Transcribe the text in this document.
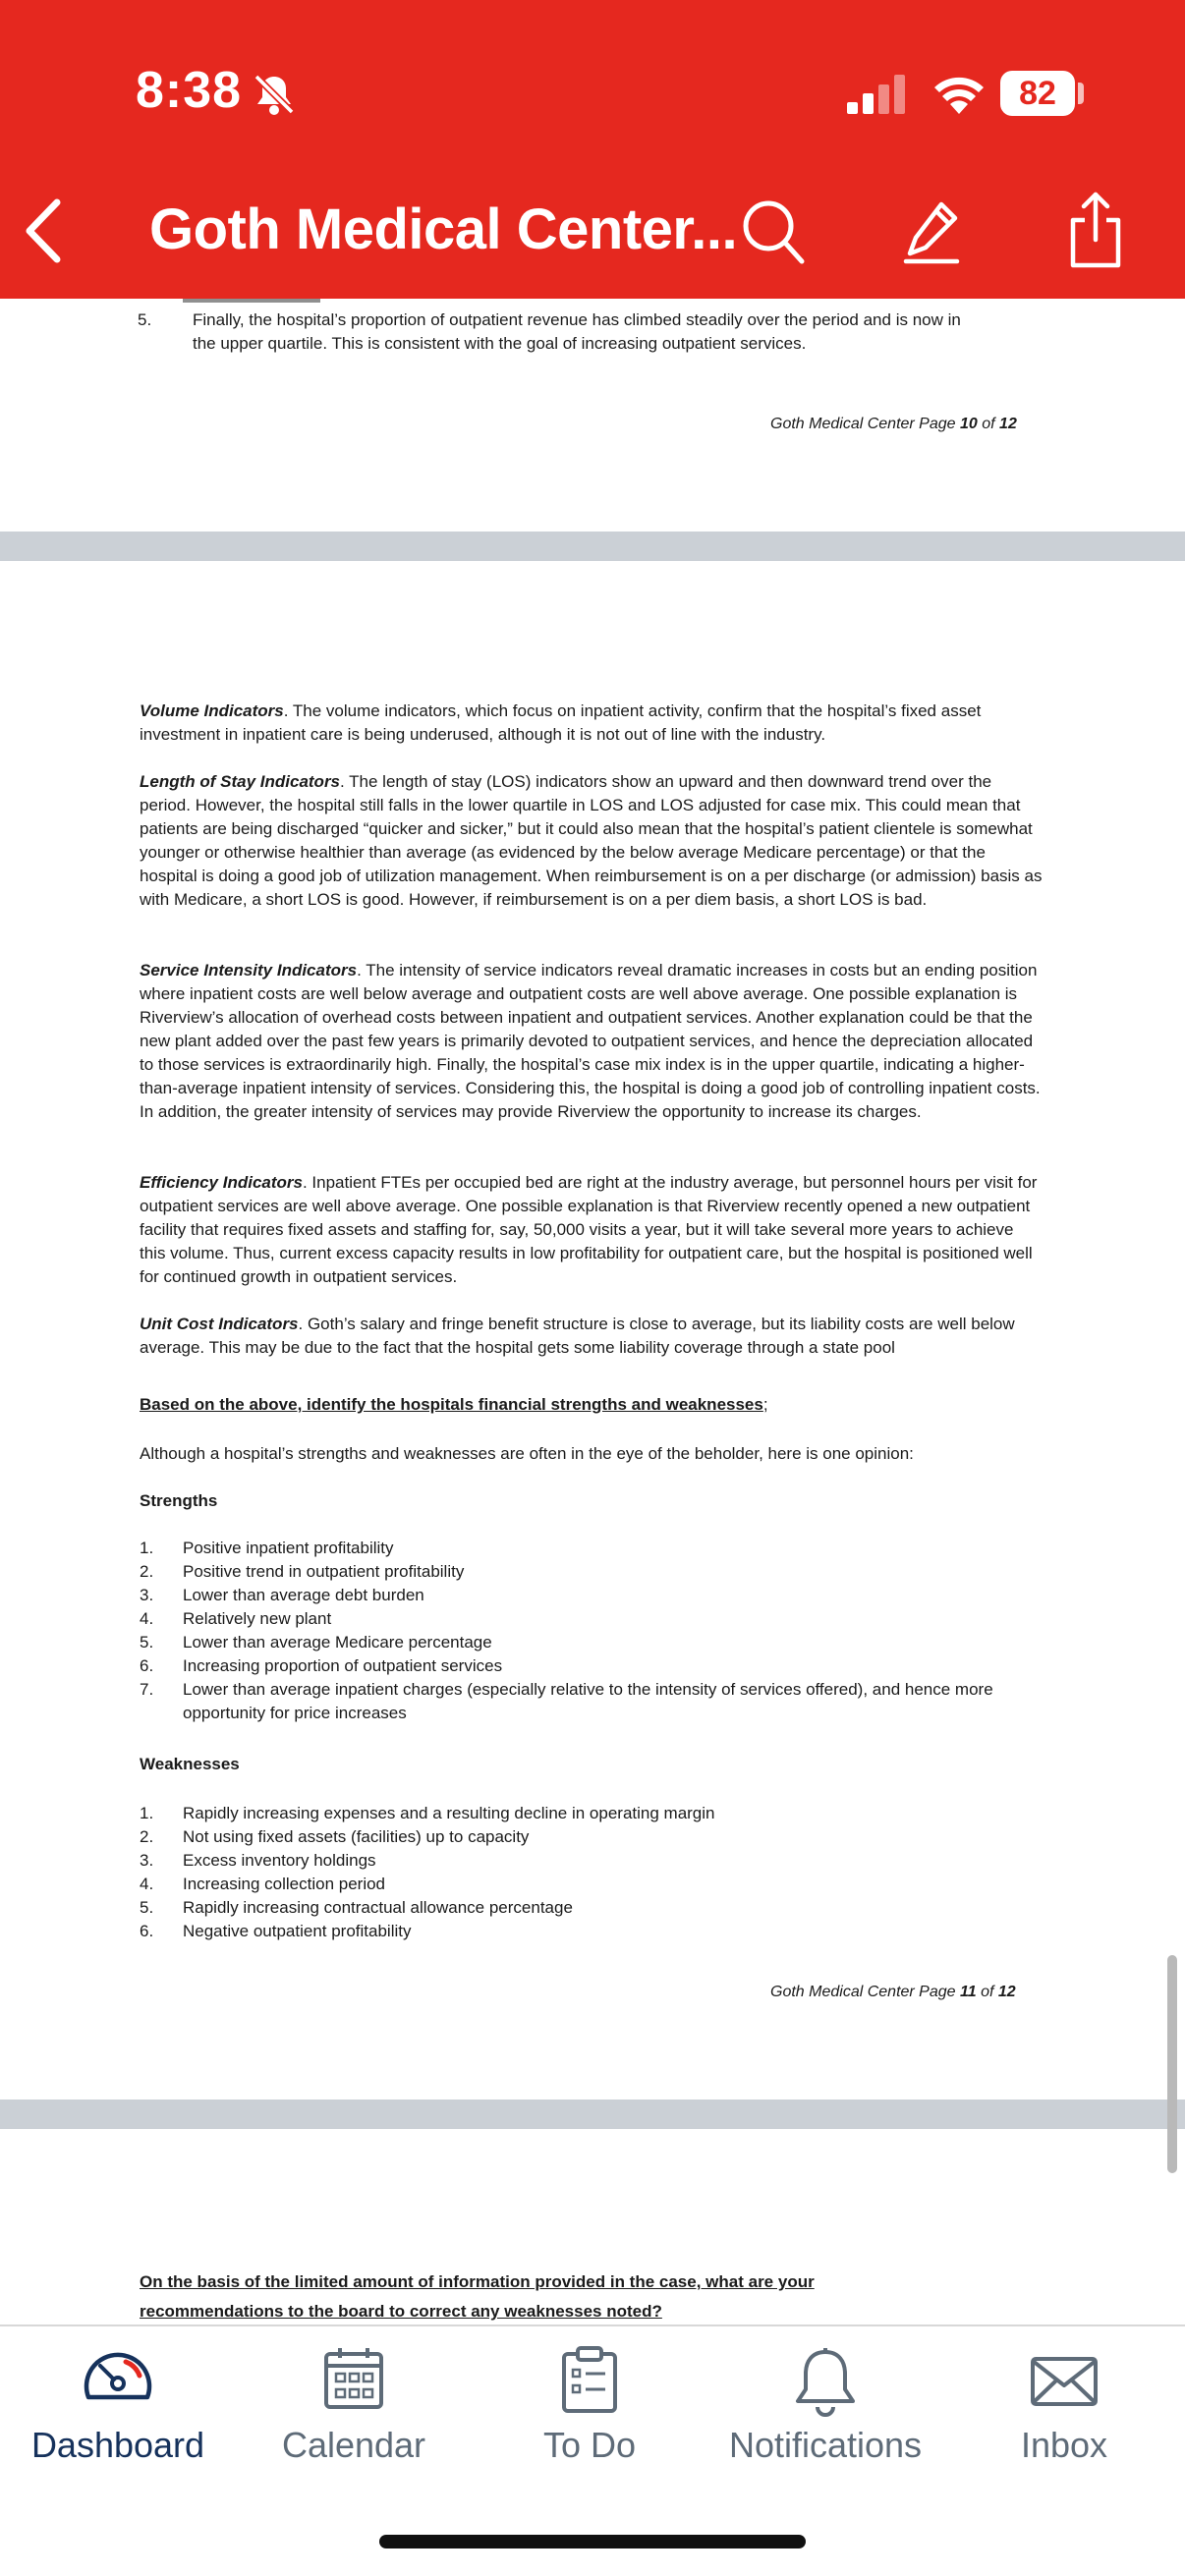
8:38	82
Goth Medical Center...
5. Finally, the hospital’s proportion of outpatient revenue has climbed steadily over the period and is now in
the upper quartile. This is consistent with the goal of increasing outpatient services.
Goth Medical Center Page 10 of 12
Volume Indicators. The volume indicators, which focus on inpatient activity, confirm that the hospital’s fixed asset investment in inpatient care is being underused, although it is not out of line with the industry.
Length of Stay Indicators. The length of stay (LOS) indicators show an upward and then downward trend over the period. However, the hospital still falls in the lower quartile in LOS and LOS adjusted for case mix. This could mean that patients are being discharged “quicker and sicker,” but it could also mean that the hospital’s patient clientele is somewhat younger or otherwise healthier than average (as evidenced by the below average Medicare percentage) or that the hospital is doing a good job of utilization management. When reimbursement is on a per discharge (or admission) basis as with Medicare, a short LOS is good. However, if reimbursement is on a per diem basis, a short LOS is bad.
Service Intensity Indicators. The intensity of service indicators reveal dramatic increases in costs but an ending position where inpatient costs are well below average and outpatient costs are well above average. One possible explanation is Riverview’s allocation of overhead costs between inpatient and outpatient services. Another explanation could be that the new plant added over the past few years is primarily devoted to outpatient services, and hence the depreciation allocated to those services is extraordinarily high. Finally, the hospital’s case mix index is in the upper quartile, indicating a higher-than-average inpatient intensity of services. Considering this, the hospital is doing a good job of controlling inpatient costs. In addition, the greater intensity of services may provide Riverview the opportunity to increase its charges.
Efficiency Indicators. Inpatient FTEs per occupied bed are right at the industry average, but personnel hours per visit for outpatient services are well above average. One possible explanation is that Riverview recently opened a new outpatient facility that requires fixed assets and staffing for, say, 50,000 visits a year, but it will take several more years to achieve this volume. Thus, current excess capacity results in low profitability for outpatient care, but the hospital is positioned well for continued growth in outpatient services.
Unit Cost Indicators. Goth’s salary and fringe benefit structure is close to average, but its liability costs are well below average. This may be due to the fact that the hospital gets some liability coverage through a state pool
Based on the above, identify the hospitals financial strengths and weaknesses;
Although a hospital’s strengths and weaknesses are often in the eye of the beholder, here is one opinion:
Strengths
1. Positive inpatient profitability
2. Positive trend in outpatient profitability
3. Lower than average debt burden
4. Relatively new plant
5. Lower than average Medicare percentage
6. Increasing proportion of outpatient services
7. Lower than average inpatient charges (especially relative to the intensity of services offered), and hence more opportunity for price increases
Weaknesses
1. Rapidly increasing expenses and a resulting decline in operating margin
2. Not using fixed assets (facilities) up to capacity
3. Excess inventory holdings
4. Increasing collection period
5. Rapidly increasing contractual allowance percentage
6. Negative outpatient profitability
Goth Medical Center Page 11 of 12
On the basis of the limited amount of information provided in the case, what are your recommendations to the board to correct any weaknesses noted?
Dashboard	Calendar	To Do	Notifications	Inbox
